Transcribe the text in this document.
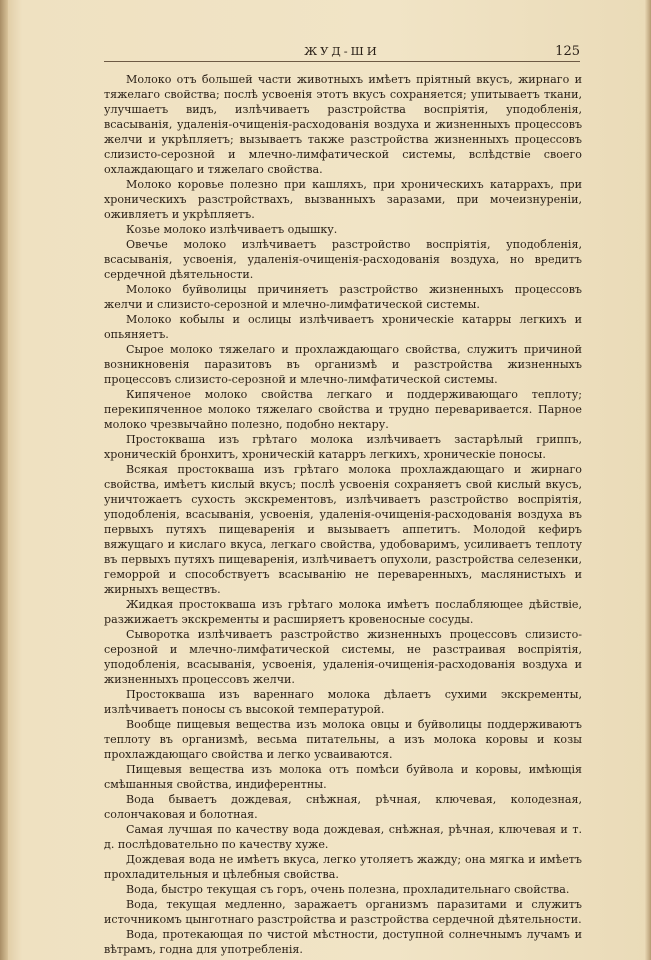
ЖУД-ШИ	125

Молоко отъ большей части животныхъ имѣетъ пріятный вкусъ, жирнаго и тяжелаго свойства; послѣ усвоенія этотъ вкусъ сохраняется; упитываетъ ткани, улучшаетъ видъ, излѣчиваетъ разстройства воспріятія, уподобленія, всасыванія, удаленія-очищенія-расходованія воздуха и жизненныхъ процессовъ желчи и укрѣпляетъ; вызываетъ также разстройства жизненныхъ процессовъ слизисто-серозной и млечно-лимфатической системы, вслѣдствіе своего охлаждающаго и тяжелаго свойства.

Молоко коровье полезно при кашляхъ, при хроническихъ катаррахъ, при хроническихъ разстройствахъ, вызванныхъ заразами, при мочеизнуреніи, оживляетъ и укрѣпляетъ.

Козье молоко излѣчиваетъ одышку.

Овечье молоко излѣчиваетъ разстройство воспріятія, уподобленія, всасыванія, усвоенія, удаленія-очищенія-расходованія воздуха, но вредитъ сердечной дѣятельности.

Молоко буйволицы причиняетъ разстройство жизненныхъ процессовъ желчи и слизисто-серозной и млечно-лимфатической системы.

Молоко кобылы и ослицы излѣчиваетъ хроническіе катарры легкихъ и опьяняетъ.

Сырое молоко тяжелаго и прохлаждающаго свойства, служитъ причиной возникновенія паразитовъ въ организмѣ и разстройства жизненныхъ процессовъ слизисто-серозной и млечно-лимфатической системы.

Кипяченое молоко свойства легкаго и поддерживающаго теплоту; перекипяченное молоко тяжелаго свойства и трудно переваривается. Парное молоко чрезвычайно полезно, подобно нектару.

Простокваша изъ грѣтаго молока излѣчиваетъ застарѣлый гриппъ, хроническій бронхитъ, хроническій катарръ легкихъ, хроническіе поносы.

Всякая простокваша изъ грѣтаго молока прохлаждающаго и жирнаго свойства, имѣетъ кислый вкусъ; послѣ усвоенія сохраняетъ свой кислый вкусъ, уничтожаетъ сухость экскрементовъ, излѣчиваетъ разстройство воспріятія, уподобленія, всасыванія, усвоенія, удаленія-очищенія-расходованія воздуха въ первыхъ путяхъ пищеваренія и вызываетъ аппетитъ. Молодой кефиръ вяжущаго и кислаго вкуса, легкаго свойства, удобоваримъ, усиливаетъ теплоту въ первыхъ путяхъ пищеваренія, излѣчиваетъ опухоли, разстройства селезенки, геморрой и способствуетъ всасыванію не переваренныхъ, маслянистыхъ и жирныхъ веществъ.

Жидкая простокваша изъ грѣтаго молока имѣетъ послабляющее дѣйствіе, разжижаетъ экскременты и расширяетъ кровеносные сосуды.

Сыворотка излѣчиваетъ разстройство жизненныхъ процессовъ слизисто-серозной и млечно-лимфатической системы, не разстраивая воспріятія, уподобленія, всасыванія, усвоенія, удаленія-очищенія-расходованія воздуха и жизненныхъ процессовъ желчи.

Простокваша изъ вареннаго молока дѣлаетъ сухими экскременты, излѣчиваетъ поносы съ высокой температурой.

Вообще пищевыя вещества изъ молока овцы и буйволицы поддерживаютъ теплоту въ организмѣ, весьма питательны, а изъ молока коровы и козы прохлаждающаго свойства и легко усваиваются.

Пищевыя вещества изъ молока отъ помѣси буйвола и коровы, имѣющія смѣшанныя свойства, индиферентны.

Вода бываетъ дождевая, снѣжная, рѣчная, ключевая, колодезная, солончаковая и болотная.

Самая лучшая по качеству вода дождевая, снѣжная, рѣчная, ключевая и т. д. послѣдовательно по качеству хуже.

Дождевая вода не имѣетъ вкуса, легко утоляетъ жажду; она мягка и имѣетъ прохладительныя и цѣлебныя свойства.

Вода, быстро текущая съ горъ, очень полезна, прохладительнаго свойства.

Вода, текущая медленно, заражаетъ организмъ паразитами и служитъ источникомъ цынготнаго разстройства и разстройства сердечной дѣятельности.

Вода, протекающая по чистой мѣстности, доступной солнечнымъ лучамъ и вѣтрамъ, годна для употребленія.
